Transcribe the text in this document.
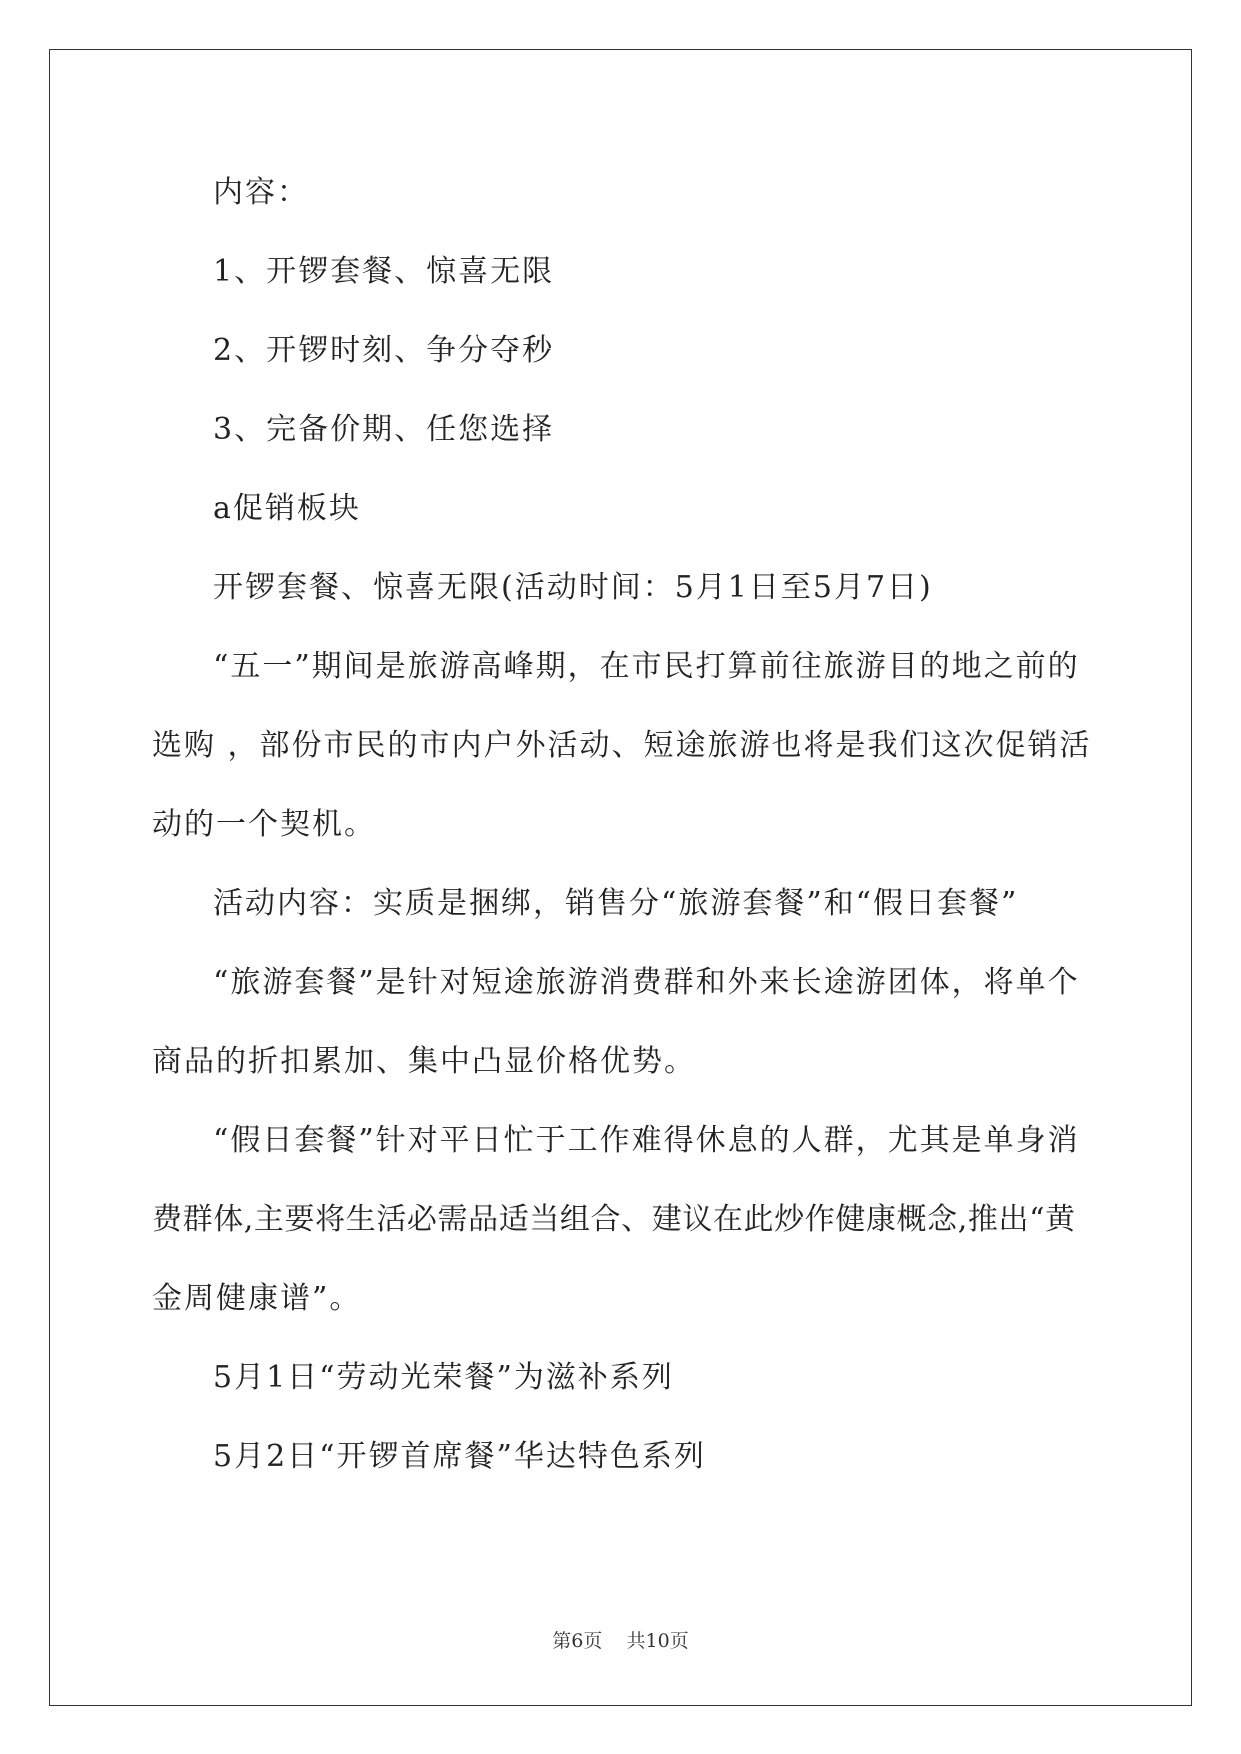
内容：
1、开锣套餐、惊喜无限
2、开锣时刻、争分夺秒
3、完备价期、任您选择
a促销板块
开锣套餐、惊喜无限(活动时间：5月1日至5月7日)
“五一”期间是旅游高峰期，在市民打算前往旅游目的地之前的
选购 ，部份市民的市内户外活动、短途旅游也将是我们这次促销活
动的一个契机。
活动内容：实质是捆绑，销售分“旅游套餐”和“假日套餐”
“旅游套餐”是针对短途旅游消费群和外来长途游团体，将单个
商品的折扣累加、集中凸显价格优势。
“假日套餐”针对平日忙于工作难得休息的人群，尤其是单身消
费群体,主要将生活必需品适当组合、建议在此炒作健康概念,推出“黄
金周健康谱”。
5月1日“劳动光荣餐”为滋补系列
5月2日“开锣首席餐”华达特色系列
第6页 共10页
